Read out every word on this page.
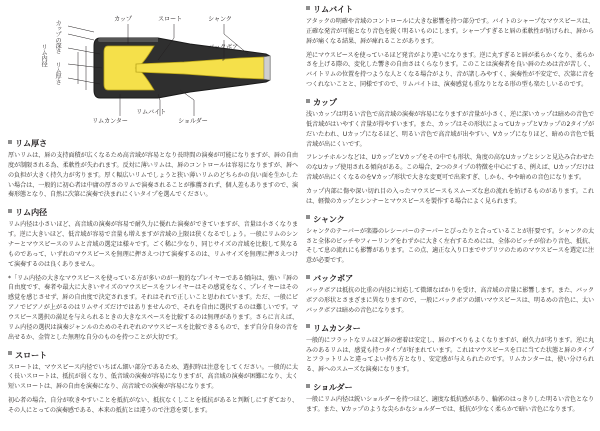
カップ	スロート	シャンク
バックボア
カップの深さ
リム内径
リム厚さ
リムカンター
リムバイト
ショルダー
リム厚さ

厚いリムは、唇の支持面積が広くなるため高音域が容易となり長時間の演奏が可能になりますが、唇の自由度が制限される為、柔軟性が失われます。反対に薄いリムは、唇のコントロールは容易になりますが、唇への負担が大きく持久力が劣ります。厚く幅広いリムでしょうと狭い薄いリムのどちらかの良い面を生かしたい場合は、一般的に初心者は中庸の厚さのリムで演奏されることが推薦されず、個人差もありますので、演奏形態となり、自然に次第に演奏で決まれにくいタイプを選んでください。

リム内径

リム内径は小さいほど、高音域の演奏が容易で耐久力に優れた演奏ができていますが、音量は小さくなります。逆に大きいほど、低音域が容易で音量も増えますが音域の上限は狭くなるでしょう。一般にリムのシンナーとマウスピースのリムと音域の選定は様々です。ごく稀に少なり、同じサイズの音域を比較して異なるものであって、いずれのマウスピースを無理に押さえつけて演奏するのは、リムサイズを無理に押さえつけて演奏するのは良くありません。

*「リム内径の大きなマウスピースを使っている方が多いのが一般的なプレイヤーである傾向は、強い『唇の自由度です、奏者や最大に大きいサイズのマウスピースをフレイヤーはその感覚をなく、プレイヤーはその感覚を感じさせず、唇の自由度で決定されます。それはそれで正しいこと思われています。ただ、一般にピアノでピアノが上がるのはリムサイズだけではありませんので、それを自由に選択するのは難しいです。マウスピース選択の満足を与えられるときの大きなスペースを比較するのは無理があります。さらに言えば、リム内径の選択は演奏ジャンルのためのそれぞれのマウスピースを比較できるもので、まず自分自身の音を出せるか、金管とした無理な自分のものを持つことが大切です。

スロート

スロートは、マウスピース内径でいちばん細い部分であるため、選択時は注意をしてください。一般的に太く長いスロートは、抵抗が弱くなり、低音域の演奏が容易になりますが、高音域の演奏が困難になり、太く短いスロートは、唇の自由を演奏になり、高音域での演奏が容易になります。

初心者の場合、自分が吹きやすいことを抵抗がない、抵抗なくしことを抵抗があると判断しにすぎており、その人にとっての演奏感である、本来の抵抗とは違うので注意を要します。

リムバイト

アタックの明確や音域のコントロールに大きな影響を持つ部分です。バイトのシャープなマウスピースは、正確な発音が可能となり音色を鋭く明るいものにします。シャープすぎると唇の柔軟性が妨げられ、唇から唇が痛くなる結果、唇が痺れることがあります。

逆にマウスピースを使っているほど発音がより違いになります。逆に丸すぎると唇が柔らかくなり、柔らかさを上げる際の、変化した響きの自由さはくらなります。このことは演奏者を良い唇のためは音が苦しく、バイトリムの位置を持つような人とくなる場合がより、音が諸しみやすく、演奏性が不安定で、次第に音をつくれないことと、同様ですので、リムバイトは、演奏感覚も重なりとなる形の型も楽たしいるのです。

カップ

浅いカップは明るい音色で高音域の演奏が容易になりますが音量が小さく、逆に深いカップは暗めの音色で低音域がはいやすく音量が得やすいます。また、カップはその形状によってUカップとVカップの2タイプがだいたわれ、Uカップになるほど、明るい音色で高音域が出やすい、Vカップになりほど、暗めの音色で低音域が出にくいです。

フレンチホルンなどは、UカップとVカップをその中でも形状、角度の高なUカップとシンと見込み合わせたのなUカップ使用される傾向がある。この場合、2つのタイプの特徴を中心にする、例えば、Uカップだけは音域が出にくくなるのをVカップ形状で大きな変更可で出来すぎ、しかも、やや暗めの音色になります。

カップ内部に傷や深い切れ目の入ったマウスピースもスムーズな息の流れを妨げるものがあります。これは、軽微のカップとシンナーとマウスピースを製作する場合によく見られます。

シャンク

シャンクのテーパーが楽器のレシーバーのテーパーとぴったりと合っていることが肝要です。シャンクの太さと全体のピッチやフィーリングをわずかに大きく左右するためには、全体のピッチが倍わり音色、抵抗、そして息の流れにも影響があります。この点、適正な入り口までサブリツのためのマウスピースを選定に注意が必要です。

バックボア

バックボアは抵抗の比重の内径に対応して微細なばかりを受け、高音域の音量に影響します。また、バックボアの形状とさまざまに異なりますので、一般にバックボアの細いマウスピースは、明るめの音色に、太いバックボアは暗めの音色になります。

リムカンター

一般的にフラットなリムほど唇の密着は安定し、唇のすべりもよくなりますが、耐久力が劣ります。逆に丸みのあるリムは、感覚も持つタイプが好まれています。これはマウスピースを口に当てた状態と唇のタイプとフラットリムと違ってよい持ち方となり、安定感が与えられたのです。リムカンターは、使い分けられる、唇へのスムーズな演奏になります。

ショルダー

一般にリム内径は鋭いショルダーを持つほど、適度な抵抗感があり、輪郭のはっきりした明るい音色となります。また、Vカップのような尖らかなショルダーでは、抵抗が少なく柔らかで暗い音色になります。
